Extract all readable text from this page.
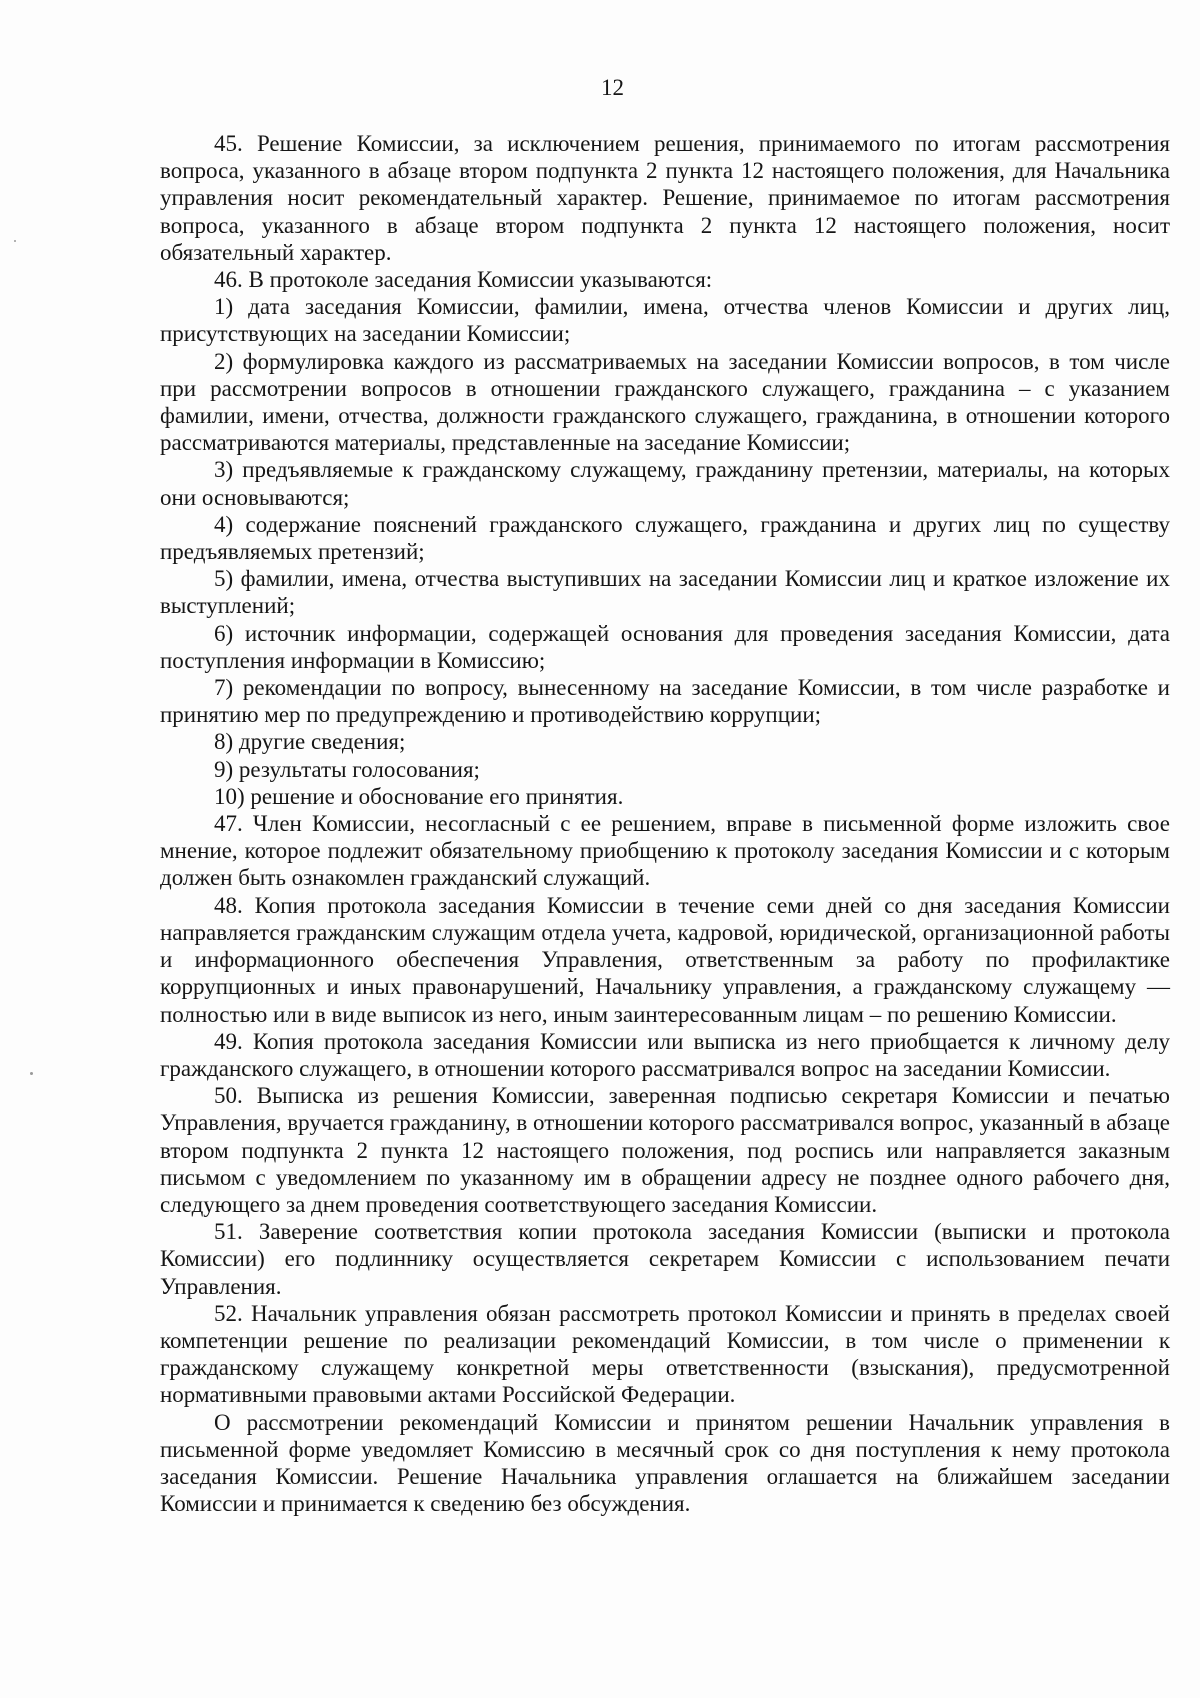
12

45. Решение Комиссии, за исключением решения, принимаемого по итогам рассмотрения вопроса, указанного в абзаце втором подпункта 2 пункта 12 настоящего положения, для Начальника управления носит рекомендательный характер. Решение, принимаемое по итогам рассмотрения вопроса, указанного в абзаце втором подпункта 2 пункта 12 настоящего положения, носит обязательный характер.

46. В протоколе заседания Комиссии указываются:

1) дата заседания Комиссии, фамилии, имена, отчества членов Комиссии и других лиц, присутствующих на заседании Комиссии;

2) формулировка каждого из рассматриваемых на заседании Комиссии вопросов, в том числе при рассмотрении вопросов в отношении гражданского служащего, гражданина – с указанием фамилии, имени, отчества, должности гражданского служащего, гражданина, в отношении которого рассматриваются материалы, представленные на заседание Комиссии;

3) предъявляемые к гражданскому служащему, гражданину претензии, материалы, на которых они основываются;

4) содержание пояснений гражданского служащего, гражданина и других лиц по существу предъявляемых претензий;

5) фамилии, имена, отчества выступивших на заседании Комиссии лиц и краткое изложение их выступлений;

6) источник информации, содержащей основания для проведения заседания Комиссии, дата поступления информации в Комиссию;

7) рекомендации по вопросу, вынесенному на заседание Комиссии, в том числе разработке и принятию мер по предупреждению и противодействию коррупции;

8) другие сведения;

9) результаты голосования;

10) решение и обоснование его принятия.

47. Член Комиссии, несогласный с ее решением, вправе в письменной форме изложить свое мнение, которое подлежит обязательному приобщению к протоколу заседания Комиссии и с которым должен быть ознакомлен гражданский служащий.

48. Копия протокола заседания Комиссии в течение семи дней со дня заседания Комиссии направляется гражданским служащим отдела учета, кадровой, юридической, организационной работы и информационного обеспечения Управления, ответственным за работу по профилактике коррупционных и иных правонарушений, Начальнику управления, а гражданскому служащему — полностью или в виде выписок из него, иным заинтересованным лицам – по решению Комиссии.

49. Копия протокола заседания Комиссии или выписка из него приобщается к личному делу гражданского служащего, в отношении которого рассматривался вопрос на заседании Комиссии.

50. Выписка из решения Комиссии, заверенная подписью секретаря Комиссии и печатью Управления, вручается гражданину, в отношении которого рассматривался вопрос, указанный в абзаце втором подпункта 2 пункта 12 настоящего положения, под роспись или направляется заказным письмом с уведомлением по указанному им в обращении адресу не позднее одного рабочего дня, следующего за днем проведения соответствующего заседания Комиссии.

51. Заверение соответствия копии протокола заседания Комиссии (выписки и протокола Комиссии) его подлиннику осуществляется секретарем Комиссии с использованием печати Управления.

52. Начальник управления обязан рассмотреть протокол Комиссии и принять в пределах своей компетенции решение по реализации рекомендаций Комиссии, в том числе о применении к гражданскому служащему конкретной меры ответственности (взыскания), предусмотренной нормативными правовыми актами Российской Федерации.

О рассмотрении рекомендаций Комиссии и принятом решении Начальник управления в письменной форме уведомляет Комиссию в месячный срок со дня поступления к нему протокола заседания Комиссии. Решение Начальника управления оглашается на ближайшем заседании Комиссии и принимается к сведению без обсуждения.
